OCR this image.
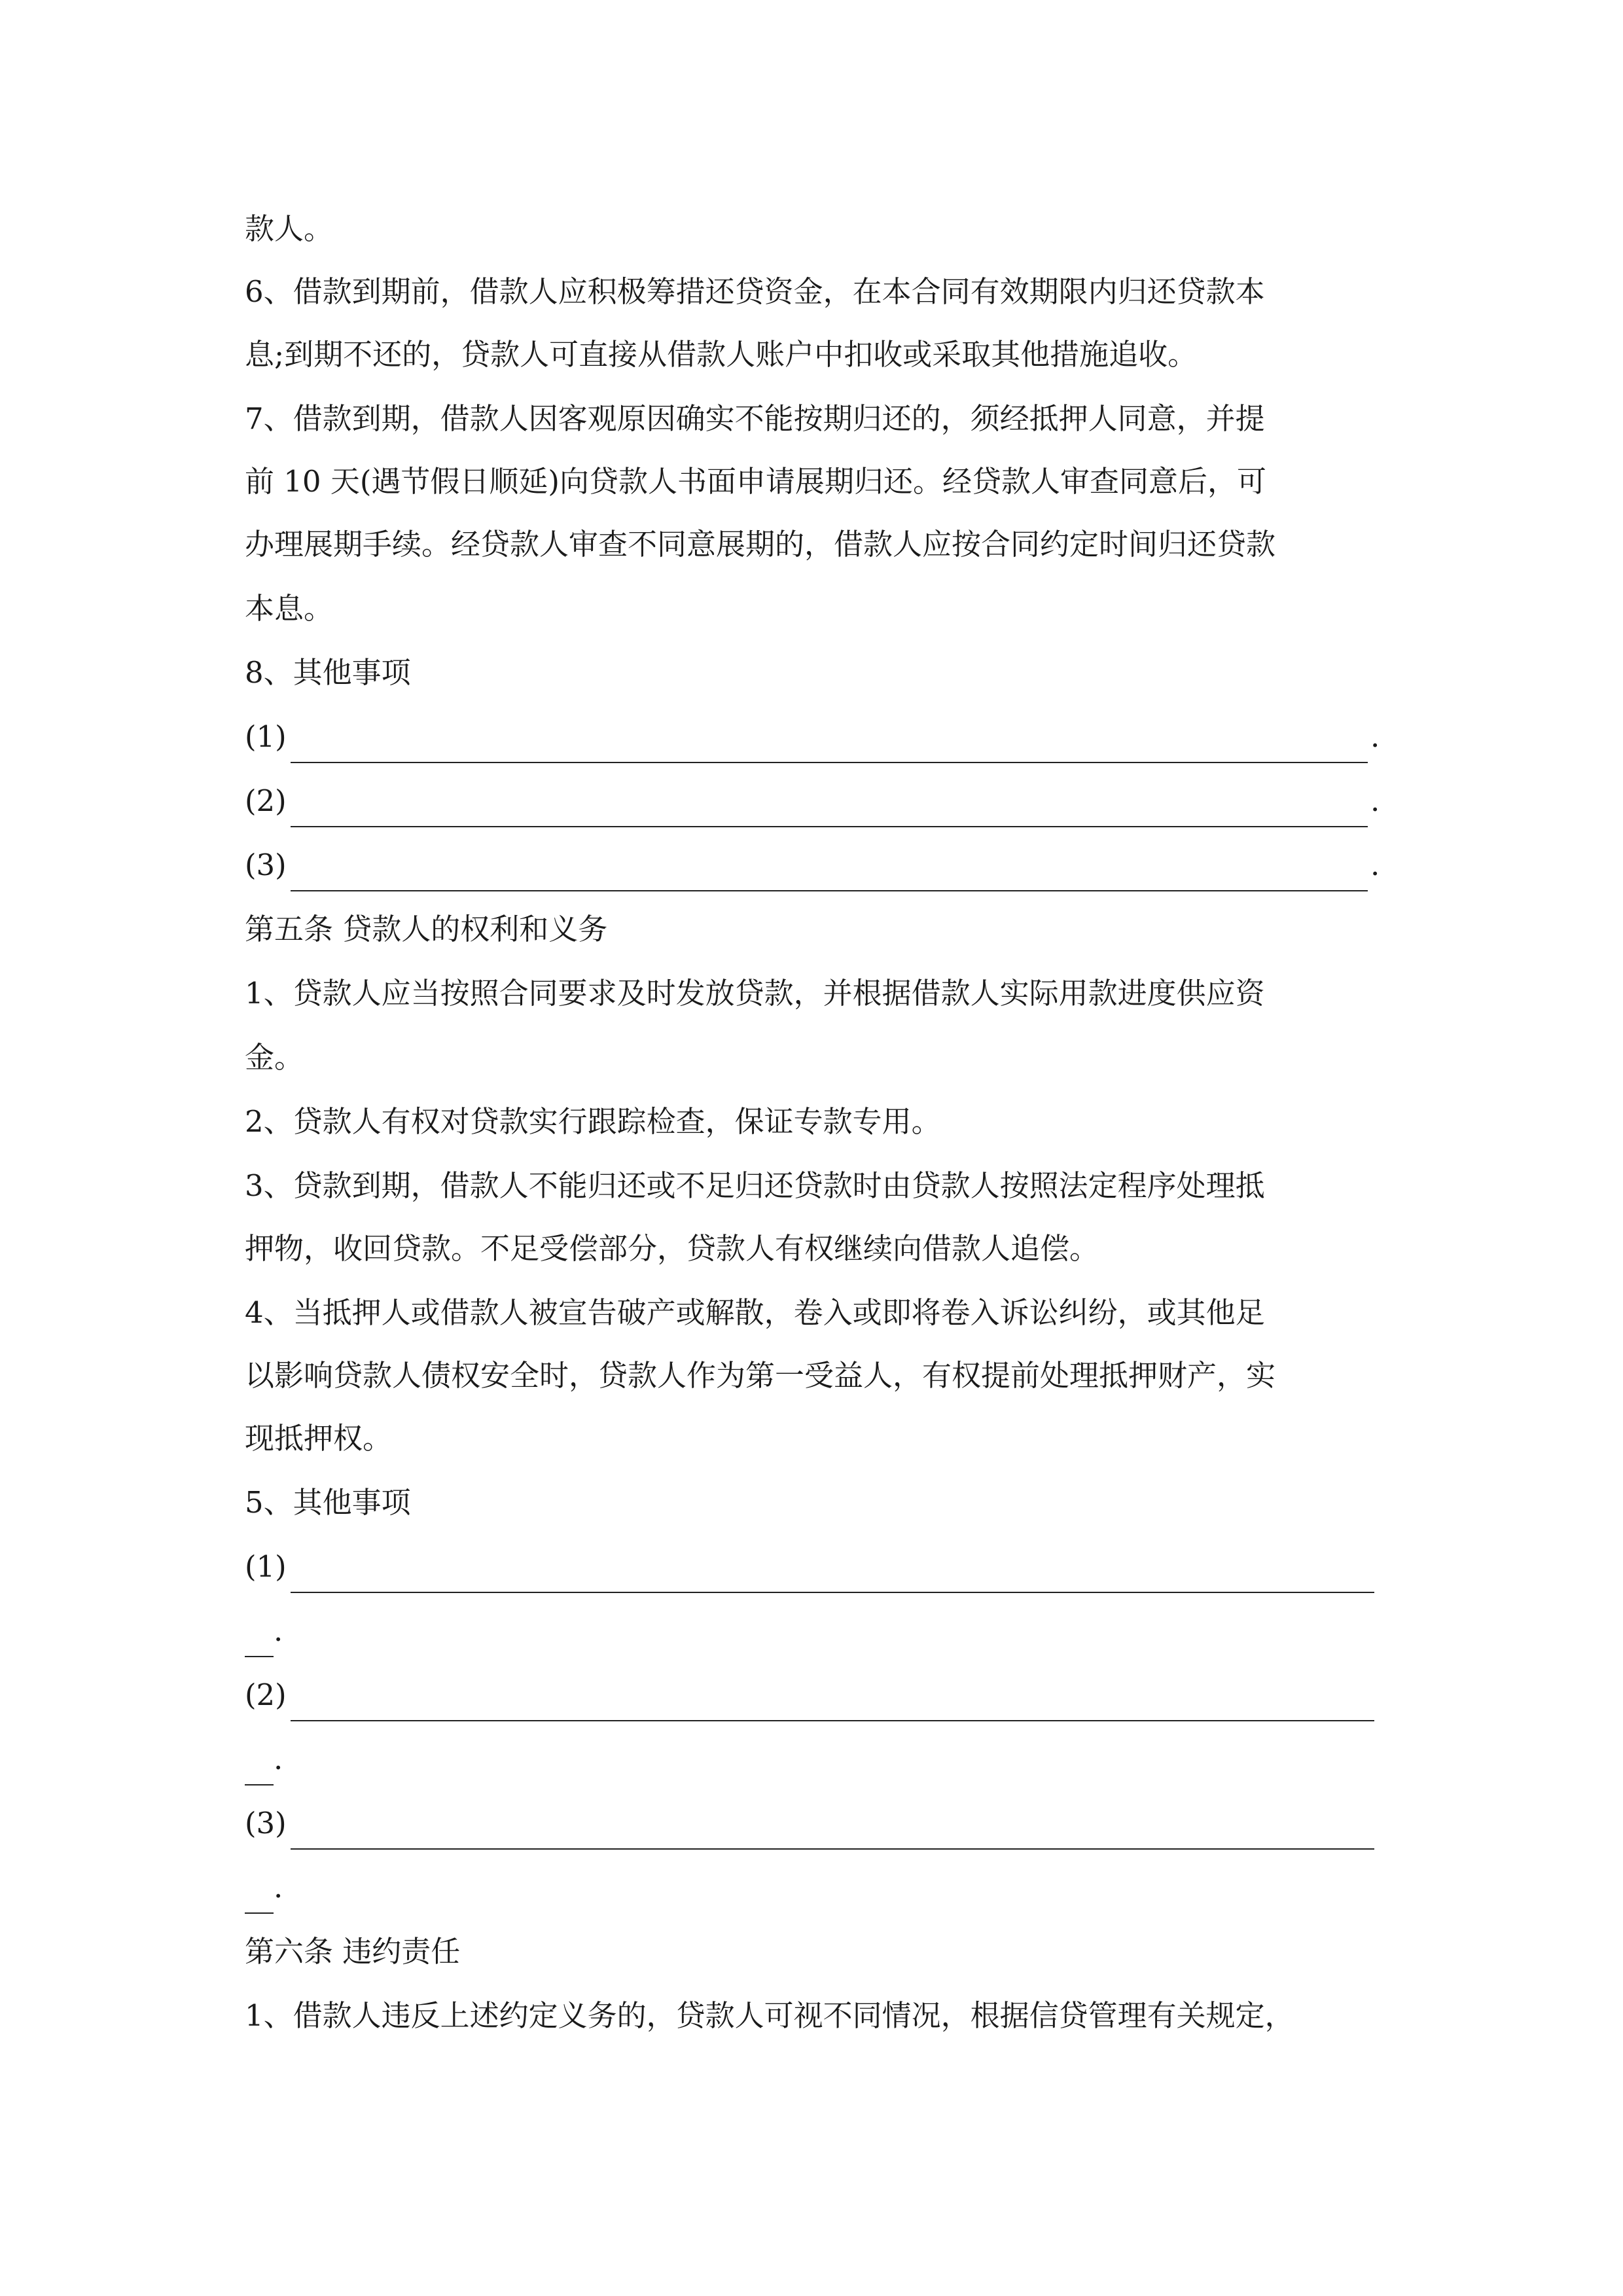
款人。
6、借款到期前，借款人应积极筹措还贷资金，在本合同有效期限内归还贷款本
息;到期不还的，贷款人可直接从借款人账户中扣收或采取其他措施追收。
7、借款到期，借款人因客观原因确实不能按期归还的，须经抵押人同意，并提
前 10 天(遇节假日顺延)向贷款人书面申请展期归还。经贷款人审查同意后，可
办理展期手续。经贷款人审查不同意展期的，借款人应按合同约定时间归还贷款
本息。
8、其他事项
(1)	.
(2)	.
(3)	.
第五条 贷款人的权利和义务
1、贷款人应当按照合同要求及时发放贷款，并根据借款人实际用款进度供应资
金。
2、贷款人有权对贷款实行跟踪检查，保证专款专用。
3、贷款到期，借款人不能归还或不足归还贷款时由贷款人按照法定程序处理抵
押物，收回贷款。不足受偿部分，贷款人有权继续向借款人追偿。
4、当抵押人或借款人被宣告破产或解散，卷入或即将卷入诉讼纠纷，或其他足
以影响贷款人债权安全时，贷款人作为第一受益人，有权提前处理抵押财产，实
现抵押权。
5、其他事项
(1)
.
(2)
.
(3)
.
第六条 违约责任
1、借款人违反上述约定义务的，贷款人可视不同情况，根据信贷管理有关规定，
